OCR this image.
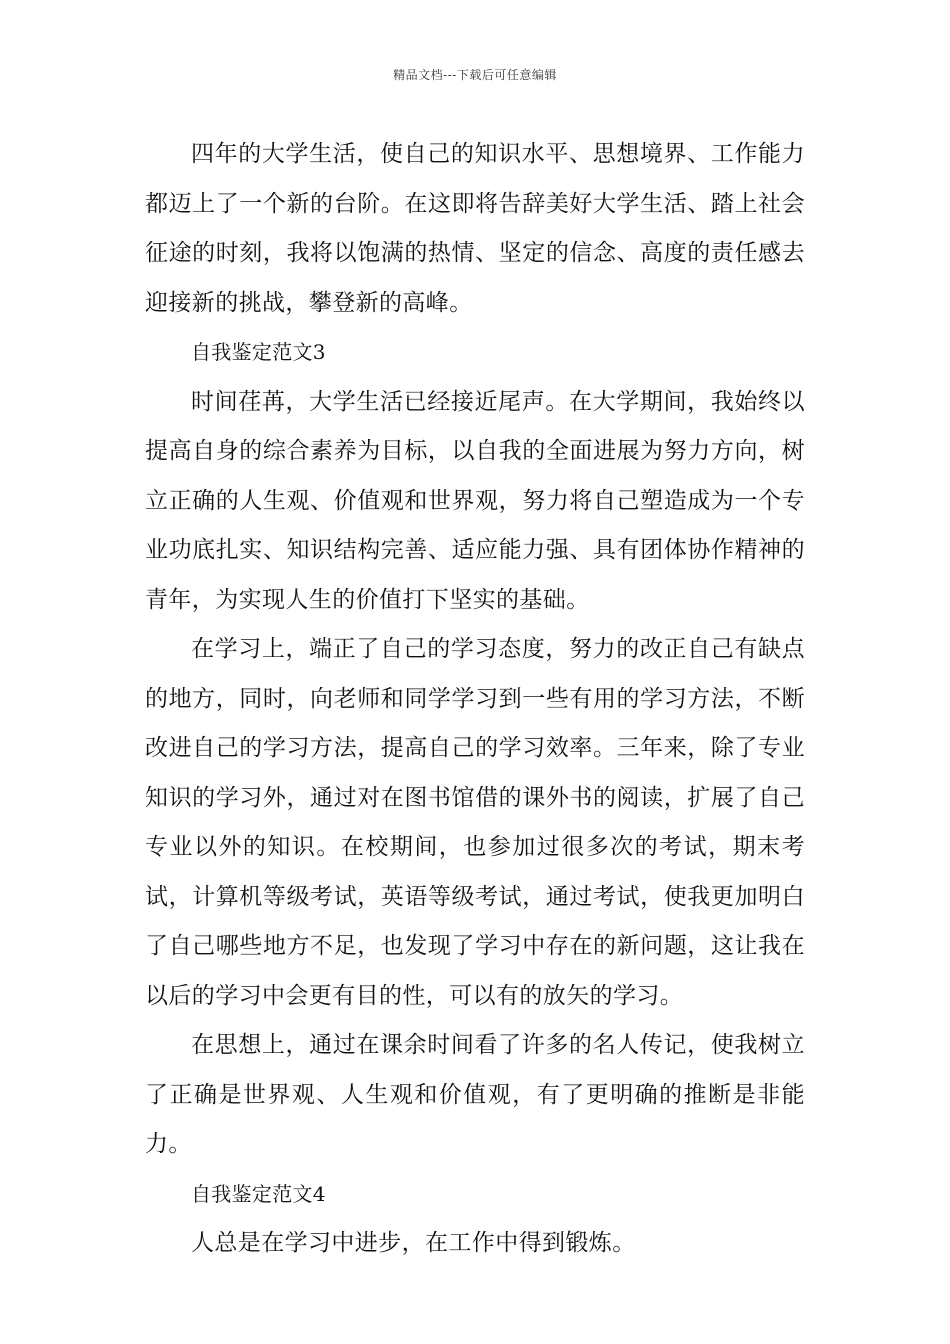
精品文档---下载后可任意编辑

四年的大学生活，使自己的知识水平、思想境界、工作能力都迈上了一个新的台阶。在这即将告辞美好大学生活、踏上社会征途的时刻，我将以饱满的热情、坚定的信念、高度的责任感去迎接新的挑战，攀登新的高峰。

自我鉴定范文3

时间荏苒，大学生活已经接近尾声。在大学期间，我始终以提高自身的综合素养为目标，以自我的全面进展为努力方向，树立正确的人生观、价值观和世界观，努力将自己塑造成为一个专业功底扎实、知识结构完善、适应能力强、具有团体协作精神的青年，为实现人生的价值打下坚实的基础。

在学习上，端正了自己的学习态度，努力的改正自己有缺点的地方，同时，向老师和同学学习到一些有用的学习方法，不断改进自己的学习方法，提高自己的学习效率。三年来，除了专业知识的学习外，通过对在图书馆借的课外书的阅读，扩展了自己专业以外的知识。在校期间，也参加过很多次的考试，期末考试，计算机等级考试，英语等级考试，通过考试，使我更加明白了自己哪些地方不足，也发现了学习中存在的新问题，这让我在以后的学习中会更有目的性，可以有的放矢的学习。

在思想上，通过在课余时间看了许多的名人传记，使我树立了正确是世界观、人生观和价值观，有了更明确的推断是非能力。

自我鉴定范文4

人总是在学习中进步，在工作中得到锻炼。
